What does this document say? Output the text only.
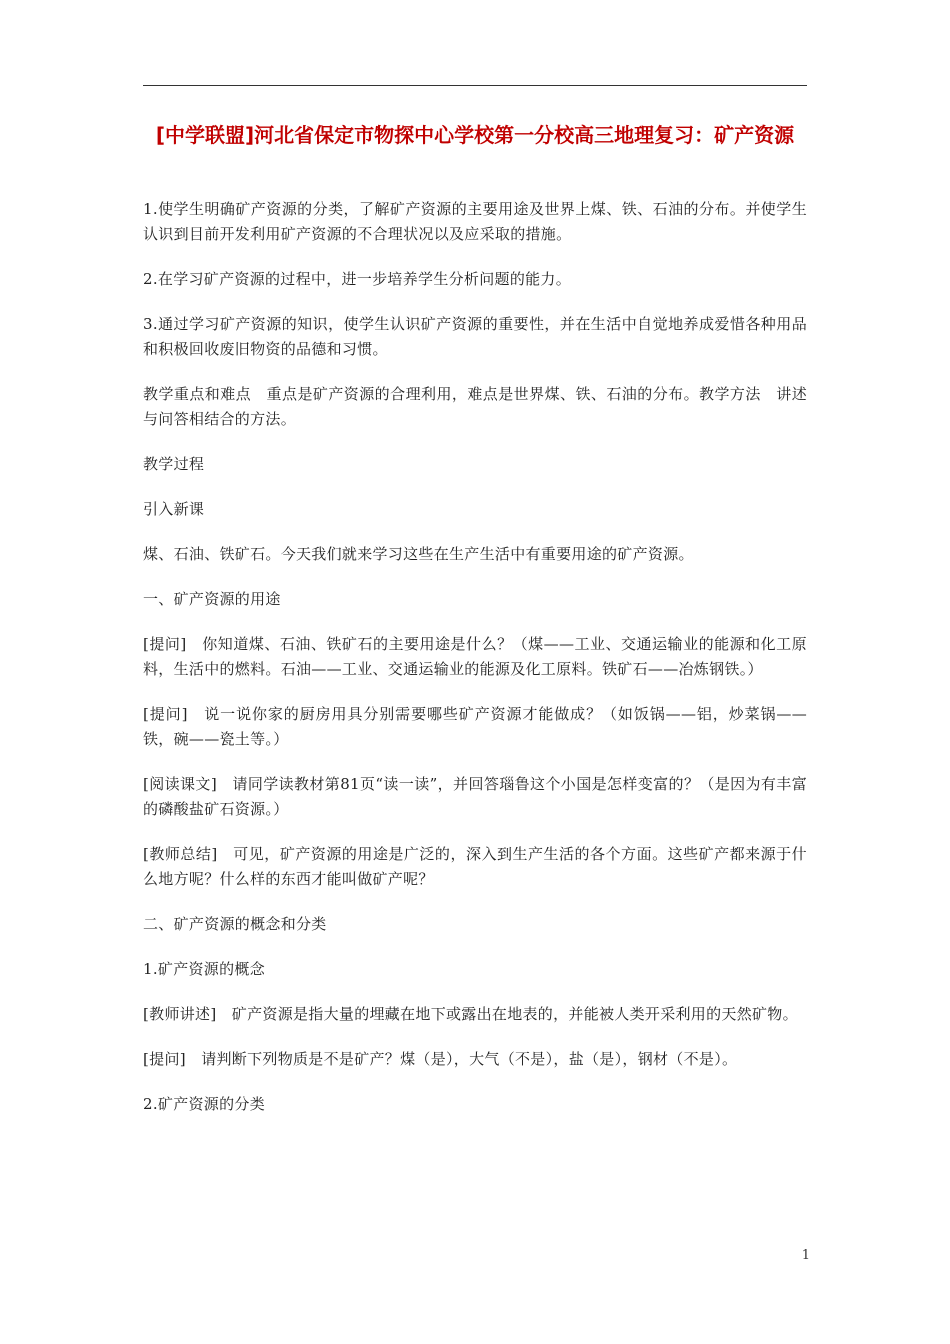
[中学联盟]河北省保定市物探中心学校第一分校高三地理复习：矿产资源

1.使学生明确矿产资源的分类，了解矿产资源的主要用途及世界上煤、铁、石油的分布。并使学生认识到目前开发利用矿产资源的不合理状况以及应采取的措施。

2.在学习矿产资源的过程中，进一步培养学生分析问题的能力。

3.通过学习矿产资源的知识，使学生认识矿产资源的重要性，并在生活中自觉地养成爱惜各种用品和积极回收废旧物资的品德和习惯。

教学重点和难点　重点是矿产资源的合理利用，难点是世界煤、铁、石油的分布。教学方法　讲述与问答相结合的方法。

教学过程

引入新课

煤、石油、铁矿石。今天我们就来学习这些在生产生活中有重要用途的矿产资源。

一、矿产资源的用途

[提问]　你知道煤、石油、铁矿石的主要用途是什么？（煤——工业、交通运输业的能源和化工原料，生活中的燃料。石油——工业、交通运输业的能源及化工原料。铁矿石——冶炼钢铁。）

[提问]　说一说你家的厨房用具分别需要哪些矿产资源才能做成？（如饭锅——铝，炒菜锅——铁，碗——瓷土等。）

[阅读课文]　请同学读教材第81页“读一读”，并回答瑙鲁这个小国是怎样变富的？（是因为有丰富的磷酸盐矿石资源。）

[教师总结]　可见，矿产资源的用途是广泛的，深入到生产生活的各个方面。这些矿产都来源于什么地方呢？什么样的东西才能叫做矿产呢？

二、矿产资源的概念和分类

1.矿产资源的概念

[教师讲述]　矿产资源是指大量的埋藏在地下或露出在地表的，并能被人类开采利用的天然矿物。

[提问]　请判断下列物质是不是矿产？煤（是），大气（不是），盐（是），钢材（不是）。

2.矿产资源的分类

1
